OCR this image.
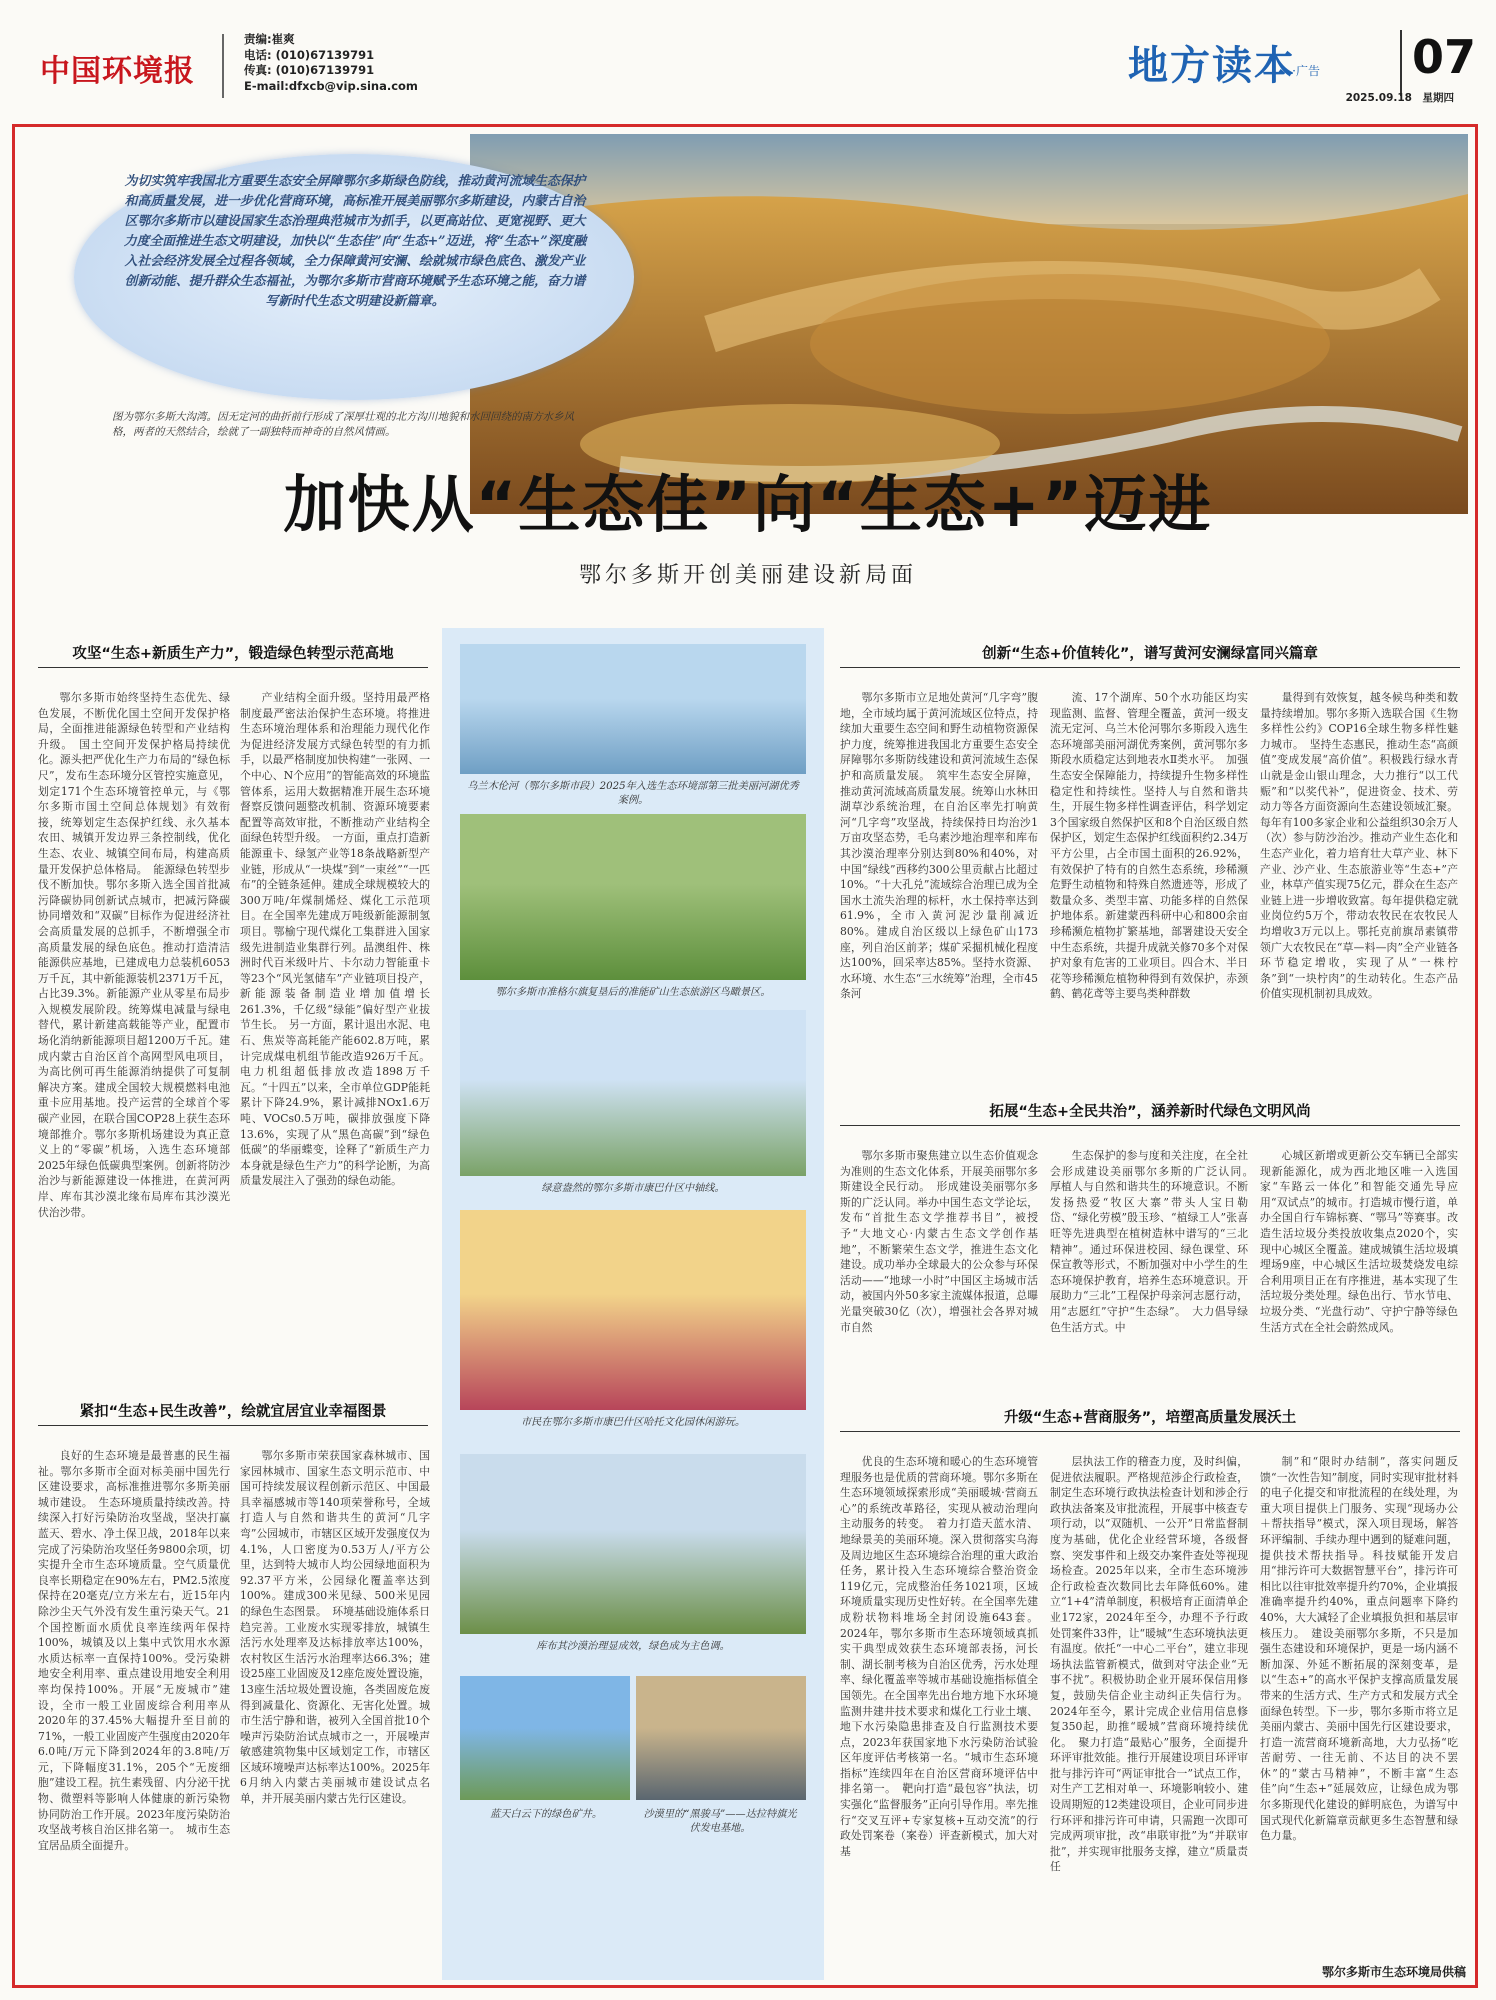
中国环境报
责编:崔爽
电话: (010)67139791
传真: (010)67139791
E-mail:dfxcb@vip.sina.com	地方读本
·广告 07
2025.09.18　星期四
为切实筑牢我国北方重要生态安全屏障鄂尔多斯绿色防线，推动黄河流域生态保护和高质量发展，进一步优化营商环境，高标准开展美丽鄂尔多斯建设，内蒙古自治区鄂尔多斯市以建设国家生态治理典范城市为抓手，以更高站位、更宽视野、更大力度全面推进生态文明建设，加快以“生态佳”向“生态+”迈进，将“生态+”深度融入社会经济发展全过程各领域，全力保障黄河安澜、绘就城市绿色底色、激发产业创新动能、提升群众生态福祉，为鄂尔多斯市营商环境赋予生态环境之能，奋力谱写新时代生态文明建设新篇章。
图为鄂尔多斯大沟湾。因无定河的曲折前行形成了深厚壮观的北方沟川地貌和水回回绕的南方水乡风格，两者的天然结合，绘就了一副独特而神奇的自然风情画。
加快从“生态佳”向“生态+”迈进
鄂尔多斯开创美丽建设新局面
攻坚“生态+新质生产力”，锻造绿色转型示范高地

鄂尔多斯市始终坚持生态优先、绿色发展，不断优化国土空间开发保护格局，全面推进能源绿色转型和产业结构升级。　国土空间开发保护格局持续优化。源头把严优化生产力布局的“绿色标尺”，发布生态环境分区管控实施意见，划定171个生态环境管控单元，与《鄂尔多斯市国土空间总体规划》有效衔接，统筹划定生态保护红线、永久基本农田、城镇开发边界三条控制线，优化生态、农业、城镇空间布局，构建高质量开发保护总体格局。　能源绿色转型步伐不断加快。鄂尔多斯入选全国首批减污降碳协同创新试点城市，把减污降碳协同增效和“双碳”目标作为促进经济社会高质量发展的总抓手，不断增强全市高质量发展的绿色底色。推动打造清洁能源供应基地，已建成电力总装机6053万千瓦，其中新能源装机2371万千瓦，占比39.3%。新能源产业从零星布局步入规模发展阶段。统筹煤电减量与绿电替代，累计新建高载能等产业，配置市场化消纳新能源项目超1200万千瓦。建成内蒙古自治区首个高网型风电项目，为高比例可再生能源消纳提供了可复制解决方案。建成全国较大规模燃料电池重卡应用基地。投产运营的全球首个零碳产业园，在联合国COP28上获生态环境部推介。鄂尔多斯机场建设为真正意义上的“零碳”机场，入选生态环境部2025年绿色低碳典型案例。创新将防沙治沙与新能源建设一体推进，在黄河两岸、库布其沙漠北缘布局库布其沙漠光伏治沙带。

产业结构全面升级。坚持用最严格制度最严密法治保护生态环境。将推进生态环境治理体系和治理能力现代化作为促进经济发展方式绿色转型的有力抓手，以最严格制度加快构建“一张网、一个中心、N个应用”的智能高效的环境监管体系，运用大数据精准开展生态环境督察反馈问题整改机制、资源环境要素配置等高效审批，不断推动产业结构全面绿色转型升级。　一方面，重点打造新能源重卡、绿氢产业等18条战略新型产业链，形成从“一块煤”到“一束丝”“一匹布”的全链条延伸。建成全球规模较大的300万吨/年煤制烯烃、煤化工示范项目。在全国率先建成万吨级新能源制氢项目。鄂榆宁现代煤化工集群进入国家级先进制造业集群行列。晶澳组件、株洲时代百米级叶片、卡尔动力智能重卡等23个“风光氢储车”产业链项目投产，新能源装备制造业增加值增长261.3%，千亿级“绿能”偏好型产业拔节生长。　另一方面，累计退出水泥、电石、焦炭等高耗能产能602.8万吨，累计完成煤电机组节能改造926万千瓦。电力机组超低排放改造1898万千瓦。“十四五”以来，全市单位GDP能耗累计下降24.9%，累计减排NOx1.6万吨、VOCs0.5万吨，碳排放强度下降13.6%，实现了从“黑色高碳”到“绿色低碳”的华丽蝶变，诠释了“新质生产力本身就是绿色生产力”的科学论断，为高质量发展注入了强劲的绿色动能。

紧扣“生态+民生改善”，绘就宜居宜业幸福图景

良好的生态环境是最普惠的民生福祉。鄂尔多斯市全面对标美丽中国先行区建设要求，高标准推进鄂尔多斯美丽城市建设。　生态环境质量持续改善。持续深入打好污染防治攻坚战，坚决打赢蓝天、碧水、净土保卫战，2018年以来完成了污染防治攻坚任务9800余项，切实提升全市生态环境质量。空气质量优良率长期稳定在90%左右，PM2.5浓度保持在20毫克/立方米左右，近15年内除沙尘天气外没有发生重污染天气。21个国控断面水质优良率连续两年保持100%，城镇及以上集中式饮用水水源水质达标率一直保持100%。受污染耕地安全利用率、重点建设用地安全利用率均保持100%。开展“无废城市”建设，全市一般工业固废综合利用率从2020年的37.45%大幅提升至目前的71%，一般工业固废产生强度由2020年6.0吨/万元下降到2024年的3.8吨/万元，下降幅度31.1%，205个“无废细胞”建设工程。抗生素残留、内分泌干扰物、微塑料等影响人体健康的新污染物协同防治工作开展。2023年度污染防治攻坚战考核自治区排名第一。　城市生态宜居品质全面提升。

鄂尔多斯市荣获国家森林城市、国家园林城市、国家生态文明示范市、中国可持续发展议程创新示范区、中国最具幸福感城市等140项荣誉称号，全域打造人与自然和谐共生的黄河“几字弯”公园城市，市辖区区域开发强度仅为4.1%，人口密度为0.53万人/平方公里，达到特大城市人均公园绿地面积为92.37平方米，公园绿化覆盖率达到100%。建成300米见绿、500米见园的绿色生态图景。　环境基础设施体系日趋完善。工业废水实现零排放，城镇生活污水处理率及达标排放率达100%，农村牧区生活污水治理率达66.3%；建设25座工业固废及12座危废处置设施，13座生活垃圾处置设施，各类固废危废得到减量化、资源化、无害化处置。城市生活宁静和谐，被列入全国首批10个噪声污染防治试点城市之一，开展噪声敏感建筑物集中区域划定工作，市辖区区域环境噪声达标率达100%。2025年6月纳入内蒙古美丽城市建设试点名单，并开展美丽内蒙古先行区建设。

乌兰木伦河（鄂尔多斯市段）2025年入选生态环境部第三批美丽河湖优秀案例。
鄂尔多斯市准格尔旗复垦后的准能矿山生态旅游区鸟瞰景区。
绿意盎然的鄂尔多斯市康巴什区中轴线。
市民在鄂尔多斯市康巴什区哈托文化园休闲游玩。
库布其沙漠治理显成效，绿色成为主色调。
蓝天白云下的绿色矿井。	沙漠里的“黑骏马”——达拉特旗光伏发电基地。
创新“生态+价值转化”，谱写黄河安澜绿富同兴篇章

鄂尔多斯市立足地处黄河“几字弯”腹地，全市域均属于黄河流域区位特点，持续加大重要生态空间和野生动植物资源保护力度，统筹推进我国北方重要生态安全屏障鄂尔多斯防线建设和黄河流域生态保护和高质量发展。　筑牢生态安全屏障，推动黄河流域高质量发展。统筹山水林田湖草沙系统治理，在自治区率先打响黄河“几字弯”攻坚战，持续保持日均治沙1万亩攻坚态势，毛乌素沙地治理率和库布其沙漠治理率分别达到80%和40%，对中国“绿线”西移约300公里贡献占比超过10%。“十大孔兑”流域综合治理已成为全国水土流失治理的标杆，水土保持率达到61.9%，全市入黄河泥沙量削减近80%。建成自治区级以上绿色矿山173座，列自治区前茅；煤矿采掘机械化程度达100%，回采率达85%。坚持水资源、水环境、水生态“三水统筹”治理，全市45条河

流、17个湖库、50个水功能区均实现监测、监督、管理全覆盖，黄河一级支流无定河、乌兰木伦河鄂尔多斯段入选生态环境部美丽河湖优秀案例，黄河鄂尔多斯段水质稳定达到地表水Ⅱ类水平。　加强生态安全保障能力，持续提升生物多样性稳定性和持续性。坚持人与自然和谐共生，开展生物多样性调查评估，科学划定3个国家级自然保护区和8个自治区级自然保护区，划定生态保护红线面积约2.34万平方公里，占全市国土面积的26.92%，有效保护了特有的自然生态系统，珍稀濒危野生动植物和特殊自然遗迹等，形成了数量众多、类型丰富、功能多样的自然保护地体系。新建蒙西科研中心和800余亩珍稀濒危植物扩繁基地，部署建设天安全中生态系统，共提升成就关修70多个对保护对象有危害的工业项目。四合木、半日花等珍稀濒危植物种得到有效保护，赤颈鹤、鹤花鸢等主要鸟类种群数

量得到有效恢复，越冬候鸟种类和数量持续增加。鄂尔多斯入选联合国《生物多样性公约》COP16全球生物多样性魅力城市。　坚持生态惠民，推动生态“高颜值”变成发展“高价值”。积极践行绿水青山就是金山银山理念，大力推行“以工代赈”和“以奖代补”，促进资金、技术、劳动力等各方面资源向生态建设领域汇聚。每年有100多家企业和公益组织30余万人（次）参与防沙治沙。推动产业生态化和生态产业化，着力培育壮大草产业、林下产业、沙产业、生态旅游业等“生态+”产业，林草产值实现75亿元，群众在生态产业链上进一步增收致富。每年提供稳定就业岗位约5万个，带动农牧民在农牧民人均增收3万元以上。鄂托克前旗昂素镇带领广大农牧民在“草—料—肉”全产业链各环节稳定增收，实现了从“一株柠条”到“一块柠肉”的生动转化。生态产品价值实现机制初具成效。

拓展“生态+全民共治”，涵养新时代绿色文明风尚

鄂尔多斯市聚焦建立以生态价值观念为准则的生态文化体系，开展美丽鄂尔多斯建设全民行动。　形成建设美丽鄂尔多斯的广泛认同。举办中国生态文学论坛，发布“首批生态文学推荐书目”，被授予“大地文心·内蒙古生态文学创作基地”，不断繁荣生态文学，推进生态文化建设。成功举办全球最大的公众参与环保活动——“地球一小时”中国区主场城市活动，被国内外50多家主流媒体报道，总曝光量突破30亿（次），增强社会各界对城市自然

生态保护的参与度和关注度，在全社会形成建设美丽鄂尔多斯的广泛认同。　厚植人与自然和谐共生的环境意识。不断发扬热爱“牧区大寨”带头人宝日勒岱、“绿化劳模”殷玉珍、“植绿工人”张喜旺等先进典型在植树造林中谱写的“三北精神”。通过环保进校园、绿色课堂、环保宣教等形式，不断加强对中小学生的生态环境保护教育，培养生态环境意识。开展助力“三北”工程保护母亲河志愿行动，用“志愿红”守护“生态绿”。　大力倡导绿色生活方式。中

心城区新增或更新公交车辆已全部实现新能源化，成为西北地区唯一入选国家“车路云一体化”和智能交通先导应用“双试点”的城市。打造城市慢行道，单办全国自行车锦标赛、“鄂马”等赛事。改造生活垃圾分类投放收集点2020个，实现中心城区全覆盖。建成城镇生活垃圾填埋场9座，中心城区生活垃圾焚烧发电综合利用项目正在有序推进，基本实现了生活垃圾分类处理。绿色出行、节水节电、垃圾分类、“光盘行动”、守护宁静等绿色生活方式在全社会蔚然成风。

升级“生态+营商服务”，培塑高质量发展沃土

优良的生态环境和暖心的生态环境管理服务也是优质的营商环境。鄂尔多斯在生态环境领域探索形成“美丽暖城·营商五心”的系统改革路径，实现从被动治理向主动服务的转变。　着力打造天蓝水清、地绿景美的美丽环境。深入贯彻落实乌海及周边地区生态环境综合治理的重大政治任务，累计投入生态环境综合整治资金119亿元，完成整治任务1021项，区域环境质量实现历史性好转。在全国率先建成粉状物料堆场全封闭设施643套。2024年，鄂尔多斯市生态环境领域真抓实干典型成效获生态环境部表扬，河长制、湖长制考核为自治区优秀，污水处理率、绿化覆盖率等城市基础设施指标值全国领先。在全国率先出台地方地下水环境监测井建井技术要求和煤化工行业土壤、地下水污染隐患排查及自行监测技术要点，2023年获国家地下水污染防治试验区年度评估考核第一名。“城市生态环境指标”连续四年在自治区营商环境评估中排名第一。　靶向打造“最包容”执法，切实强化“监督服务”正向引导作用。率先推行“交叉互评+专家复核+互动交流”的行政处罚案卷（案卷）评查新模式，加大对基

层执法工作的稽查力度，及时纠偏，促进依法履职。严格规范涉企行政检查，制定生态环境行政执法检查计划和涉企行政执法备案及审批流程，开展事中核查专项行动，以“双随机、一公开”日常监督制度为基础，优化企业经营环境，各级督察、突发事件和上级交办案件查处等视现场检查。2025年以来，全市生态环境涉企行政检查次数同比去年降低60%。建立“1+4”清单制度，积极培育正面清单企业172家，2024年至今，办理不予行政处罚案件33件，让“暖城”生态环境执法更有温度。依托“一中心二平台”，建立非现场执法监管新模式，做到对守法企业“无事不扰”。积极协助企业开展环保信用修复，鼓励失信企业主动纠正失信行为。2024年至今，累计完成企业信用信息修复350起，助推“暖城”营商环境持续优化。　聚力打造“最贴心”服务，全面提升环评审批效能。推行开展建设项目环评审批与排污许可“两证审批合一”试点工作，对生产工艺相对单一、环境影响较小、建设周期短的12类建设项目，企业可同步进行环评和排污许可申请，只需跑一次即可完成两项审批，改“串联审批”为“并联审批”，并实现审批服务支撑，建立“质量责任

制”和“限时办结制”，落实问题反馈“一次性告知”制度，同时实现审批材料的电子化提交和审批流程的在线处理，为重大项目提供上门服务、实现“现场办公＋帮扶指导”模式，深入项目现场，解答环评编制、手续办理中遇到的疑难问题，提供技术帮扶指导。科技赋能开发启用“排污许可大数据智慧平台”，排污许可相比以往审批效率提升约70%，企业填报准确率提升约40%，重点问题率下降约40%，大大减轻了企业填报负担和基层审核压力。　建设美丽鄂尔多斯，不只是加强生态建设和环境保护，更是一场内涵不断加深、外延不断拓展的深刻变革，是以“生态+”的高水平保护支撑高质量发展带来的生活方式、生产方式和发展方式全面绿色转型。下一步，鄂尔多斯市将立足美丽内蒙古、美丽中国先行区建设要求，打造一流营商环境新高地，大力弘扬“吃苦耐劳、一往无前、不达目的决不罢休”的“蒙古马精神”，不断丰富“生态佳”向“生态+”延展效应，让绿色成为鄂尔多斯现代化建设的鲜明底色，为谱写中国式现代化新篇章贡献更多生态智慧和绿色力量。

鄂尔多斯市生态环境局供稿
